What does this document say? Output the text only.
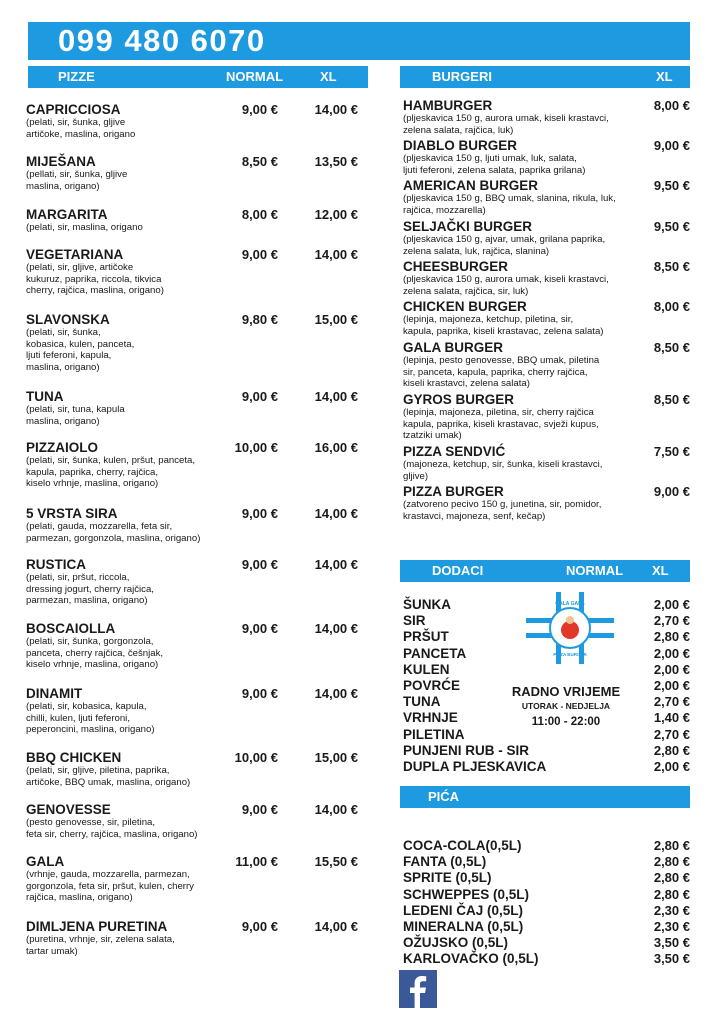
099 480 6070
PIZZE	NORMAL	XL
CAPRICCIOSA
(pelati, sir, šunka, gljive
artičoke, maslina, origano
9,00 €	14,00 €
MIJEŠANA
(pellati, sir, šunka, gljive
maslina, origano)
8,50 €	13,50 €
MARGARITA
(pelati, sir, maslina, origano
8,00 €	12,00 €
VEGETARIANA
(pelati, sir, gljive, artičoke
kukuruz, paprika, riccola, tikvica
cherry, rajčica, maslina, origano)
9,00 €	14,00 €
SLAVONSKA
(pelati, sir, šunka,
kobasica, kulen, panceta,
ljuti feferoni, kapula,
maslina, origano)
9,80 €	15,00 €
TUNA
(pelati, sir, tuna, kapula
maslina, origano)
9,00 €	14,00 €
PIZZAIOLO
(pelati, sir, šunka, kulen, pršut, panceta,
kapula, paprika, cherry, rajčica,
kiselo vrhnje, maslina, origano)
10,00 €	16,00 €
5 VRSTA SIRA
(pelati, gauda, mozzarella, feta sir,
parmezan, gorgonzola, maslina, origano)
9,00 €	14,00 €
RUSTICA
(pelati, sir, pršut, riccola,
dressing jogurt, cherry rajčica,
parmezan, maslina, origano)
9,00 €	14,00 €
BOSCAIOLLA
(pelati, sir, šunka, gorgonzola,
panceta, cherry rajčica, češnjak,
kiselo vrhnje, maslina, origano)
9,00 €	14,00 €
DINAMIT
(pelati, sir, kobasica, kapula,
chilli, kulen, ljuti feferoni,
peperoncini, maslina, origano)
9,00 €	14,00 €
BBQ CHICKEN
(pelati, sir, gljive, piletina, paprika,
artičoke, BBQ umak, maslina, origano)
10,00 €	15,00 €
GENOVESSE
(pesto genovesse, sir, piletina,
feta sir, cherry, rajčica, maslina, origano)
9,00 €	14,00 €
GALA
(vrhnje, gauda, mozzarella, parmezan,
gorgonzola, feta sir, pršut, kulen, cherry
rajčica, maslina, origano)
11,00 €	15,50 €
DIMLJENA PURETINA
(puretina, vrhnje, sir, zelena salata,
tartar umak)
9,00 €	14,00 €
BURGERI	XL
HAMBURGER
(pljeskavica 150 g, aurora umak, kiseli krastavci,
zelena salata, rajčica, luk)
8,00 €
DIABLO BURGER
(pljeskavica 150 g, ljuti umak, luk, salata,
ljuti feferoni, zelena salata, paprika grilana)
9,00 €
AMERICAN BURGER
(pljeskavica 150 g, BBQ umak, slanina, rikula, luk,
rajčica, mozzarella)
9,50 €
SELJAČKI BURGER
(pljeskavica 150 g, ajvar, umak, grilana paprika,
zelena salata, luk, rajčica, slanina)
9,50 €
CHEESBURGER
(pljeskavica 150 g, aurora umak, kiseli krastavci,
zelena salata, rajčica, sir, luk)
8,50 €
CHICKEN BURGER
(lepinja, majoneza, ketchup, piletina, sir,
kapula, paprika, kiseli krastavac, zelena salata)
8,00 €
GALA BURGER
(lepinja, pesto genovesse, BBQ umak, piletina
sir, panceta, kapula, paprika, cherry rajčica,
kiseli krastavci, zelena salata)
8,50 €
GYROS BURGER
(lepinja, majoneza, piletina, sir, cherry rajčica
kapula, paprika, kiseli krastavac, svježi kupus,
tzatziki umak)
8,50 €
PIZZA SENDVIĆ
(majoneza, ketchup, sir, šunka, kiseli krastavci,
gljive)
7,50 €
PIZZA BURGER
(zatvoreno pecivo 150 g, junetina, sir, pomidor,
krastavci, majoneza, senf, kečap)
9,00 €
DODACI	NORMAL XL
ŠUNKA	2,00 €
SIR	2,70 €
PRŠUT	2,80 €
PANCETA	2,00 €
KULEN	2,00 €
POVRĆE	2,00 €
TUNA	2,70 €
VRHNJE	1,40 €
PILETINA	2,70 €
PUNJENI RUB - SIR	2,80 €
DUPLA PLJESKAVICA	2,00 €
GALA GALA
PIZZA BURGER
RADNO VRIJEME
UTORAK - NEDJELJA
11:00 - 22:00
PIĆA
COCA-COLA(0,5L)	2,80 €
FANTA (0,5L)	2,80 €
SPRITE (0,5L)	2,80 €
SCHWEPPES (0,5L)	2,80 €
LEDENI ČAJ (0,5L)	2,30 €
MINERALNA (0,5L)	2,30 €
OŽUJSKO (0,5L)	3,50 €
KARLOVAČKO (0,5L)	3,50 €
